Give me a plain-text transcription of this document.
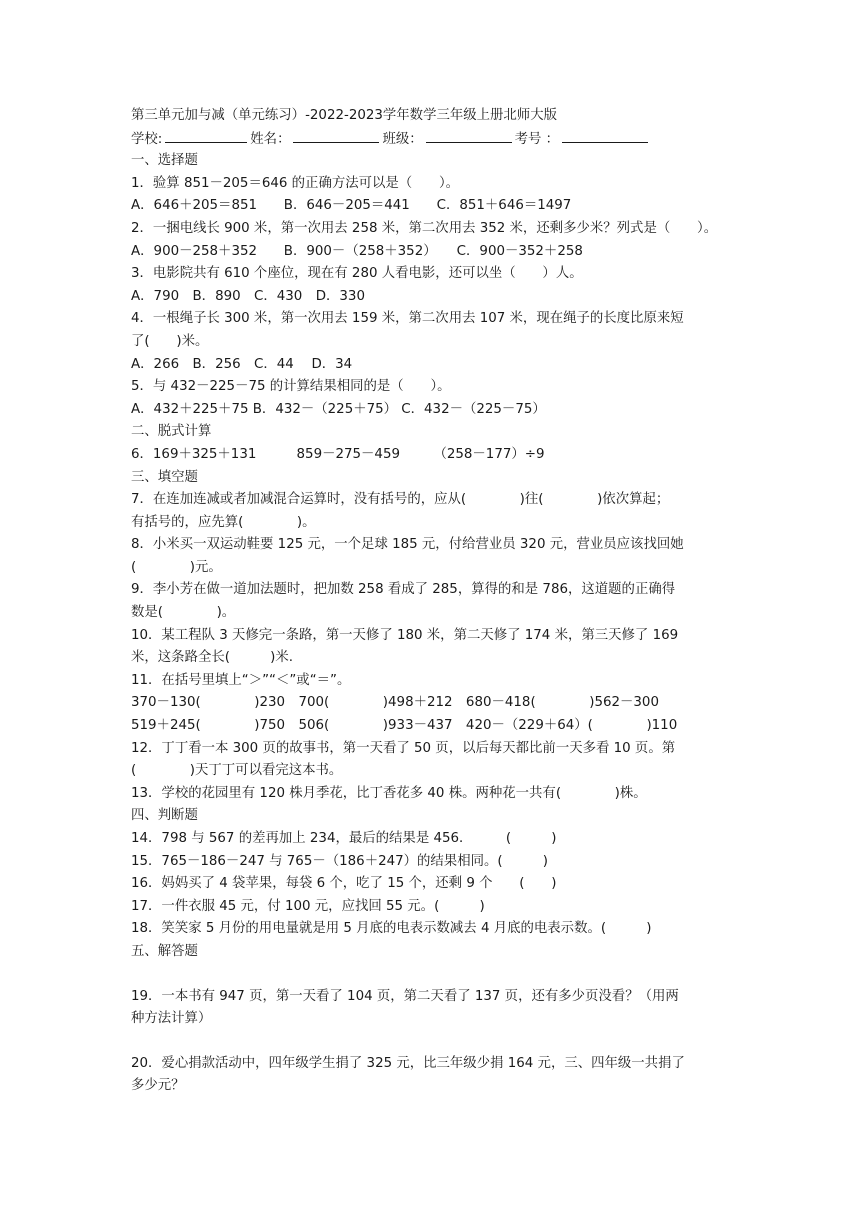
第三单元加与减（单元练习）-2022-2023学年数学三年级上册北师大版
学校:	姓名：	班级：	考号 ：
一、选择题
1．验算 851－205＝646 的正确方法可以是（　　）。
A．646＋205＝851　　B．646－205＝441　　C．851＋646＝1497
2．一捆电线长 900 米，第一次用去 258 米，第二次用去 352 米，还剩多少米？列式是（　　）。
A．900－258＋352　　B．900－（258＋352）　　C．900－352＋258
3．电影院共有 610 个座位，现在有 280 人看电影，还可以坐（　　）人。
A．790　B．890　C．430　D．330
4．一根绳子长 300 米，第一次用去 159 米，第二次用去 107 米，现在绳子的长度比原来短
了(　　)米。
A．266　B．256　C．44　 D．34
5．与 432－225－75 的计算结果相同的是（　　）。
A．432＋225＋75 B．432－（225＋75） C．432－（225－75）
二、脱式计算
6．169＋325＋131　　　859－275－459　　　（258－177）÷9
三、填空题
7．在连加连减或者加减混合运算时，没有括号的，应从(　　　　)往(　　　　)依次算起；
有括号的，应先算(　　　　)。
8．小米买一双运动鞋要 125 元，一个足球 185 元，付给营业员 320 元，营业员应该找回她
(　　　　)元。
9．李小芳在做一道加法题时，把加数 258 看成了 285，算得的和是 786，这道题的正确得
数是(　　　　)。
10．某工程队 3 天修完一条路，第一天修了 180 米，第二天修了 174 米，第三天修了 169
米，这条路全长(　　　)米.
11．在括号里填上“＞”“＜”或“＝”。
370－130(　　　　)230　700(　　　　)498＋212　680－418(　　　　)562－300
519＋245(　　　　)750　506(　　　　)933－437　420－（229＋64）(　　　　)110
12．丁丁看一本 300 页的故事书，第一天看了 50 页，以后每天都比前一天多看 10 页。第
(　　　　)天丁丁可以看完这本书。
13．学校的花园里有 120 株月季花，比丁香花多 40 株。两种花一共有(　　　　)株。
四、判断题
14．798 与 567 的差再加上 234，最后的结果是 456．　　　(　　　)
15．765－186－247 与 765－（186＋247）的结果相同。(　　　)
16．妈妈买了 4 袋苹果，每袋 6 个，吃了 15 个，还剩 9 个　　(　　)
17．一件衣服 45 元，付 100 元，应找回 55 元。(　　　)
18．笑笑家 5 月份的用电量就是用 5 月底的电表示数减去 4 月底的电表示数。(　　　)
五、解答题
19．一本书有 947 页，第一天看了 104 页，第二天看了 137 页，还有多少页没看？（用两
种方法计算）
20．爱心捐款活动中，四年级学生捐了 325 元，比三年级少捐 164 元，三、四年级一共捐了
多少元？
